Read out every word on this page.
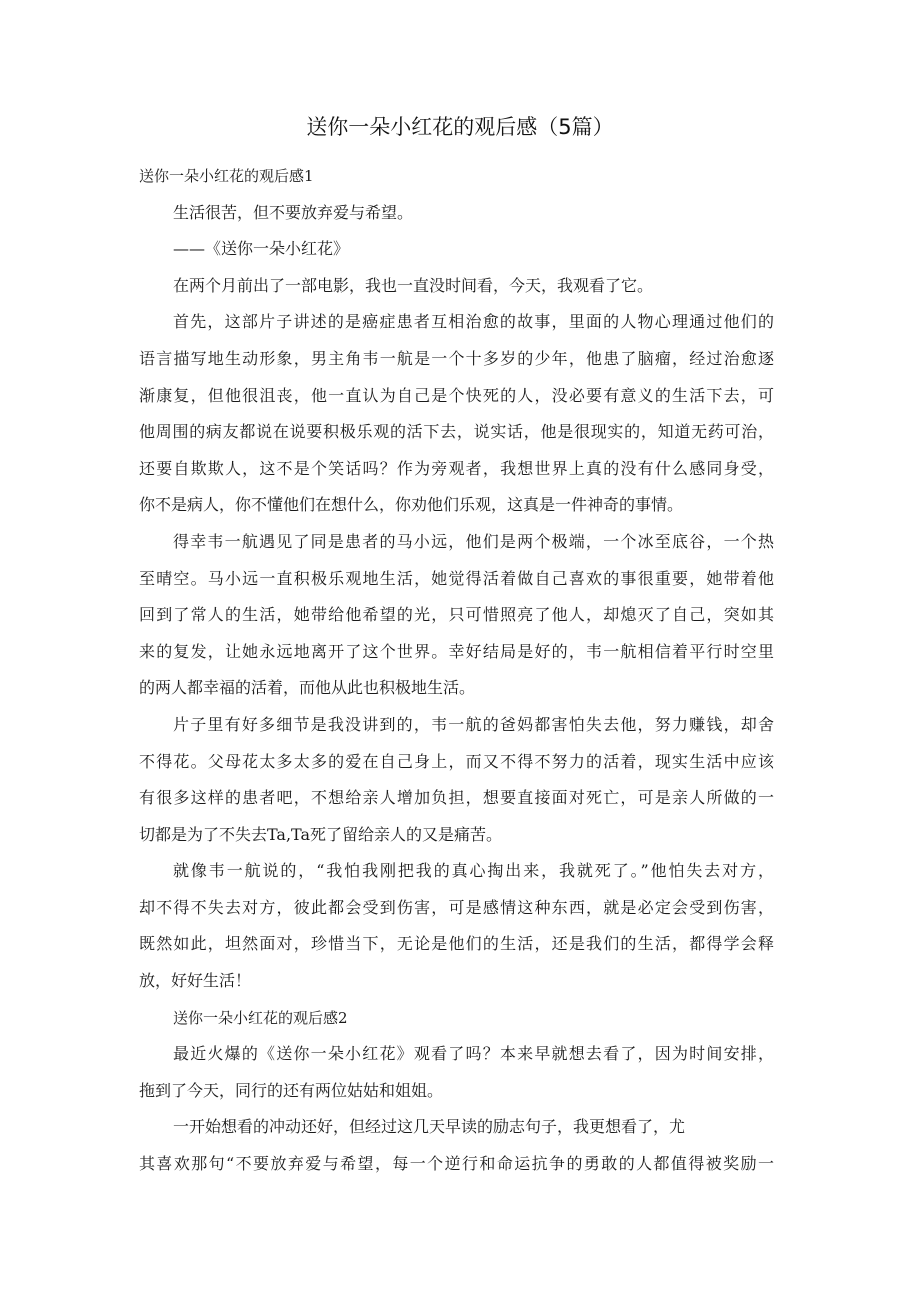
送你一朵小红花的观后感（5篇）
送你一朵小红花的观后感1
生活很苦，但不要放弃爱与希望。
——《送你一朵小红花》
在两个月前出了一部电影，我也一直没时间看，今天，我观看了它。
首先，这部片子讲述的是癌症患者互相治愈的故事，里面的人物心理通过他们的
语言描写地生动形象，男主角韦一航是一个十多岁的少年，他患了脑瘤，经过治愈逐
渐康复，但他很沮丧，他一直认为自己是个快死的人，没必要有意义的生活下去，可
他周围的病友都说在说要积极乐观的活下去，说实话，他是很现实的，知道无药可治，
还要自欺欺人，这不是个笑话吗？作为旁观者，我想世界上真的没有什么感同身受，
你不是病人，你不懂他们在想什么，你劝他们乐观，这真是一件神奇的事情。
得幸韦一航遇见了同是患者的马小远，他们是两个极端，一个冰至底谷，一个热
至晴空。马小远一直积极乐观地生活，她觉得活着做自己喜欢的事很重要，她带着他
回到了常人的生活，她带给他希望的光，只可惜照亮了他人，却熄灭了自己，突如其
来的复发，让她永远地离开了这个世界。幸好结局是好的，韦一航相信着平行时空里
的两人都幸福的活着，而他从此也积极地生活。
片子里有好多细节是我没讲到的，韦一航的爸妈都害怕失去他，努力赚钱，却舍
不得花。父母花太多太多的爱在自己身上，而又不得不努力的活着，现实生活中应该
有很多这样的患者吧，不想给亲人增加负担，想要直接面对死亡，可是亲人所做的一
切都是为了不失去Ta,Ta死了留给亲人的又是痛苦。
就像韦一航说的，“我怕我刚把我的真心掏出来，我就死了。”他怕失去对方，
却不得不失去对方，彼此都会受到伤害，可是感情这种东西，就是必定会受到伤害，
既然如此，坦然面对，珍惜当下，无论是他们的生活，还是我们的生活，都得学会释
放，好好生活！
送你一朵小红花的观后感2
最近火爆的《送你一朵小红花》观看了吗？本来早就想去看了，因为时间安排，
拖到了今天，同行的还有两位姑姑和姐姐。
一开始想看的冲动还好，但经过这几天早读的励志句子，我更想看了，尤
其喜欢那句“不要放弃爱与希望，每一个逆行和命运抗争的勇敢的人都值得被奖励一
